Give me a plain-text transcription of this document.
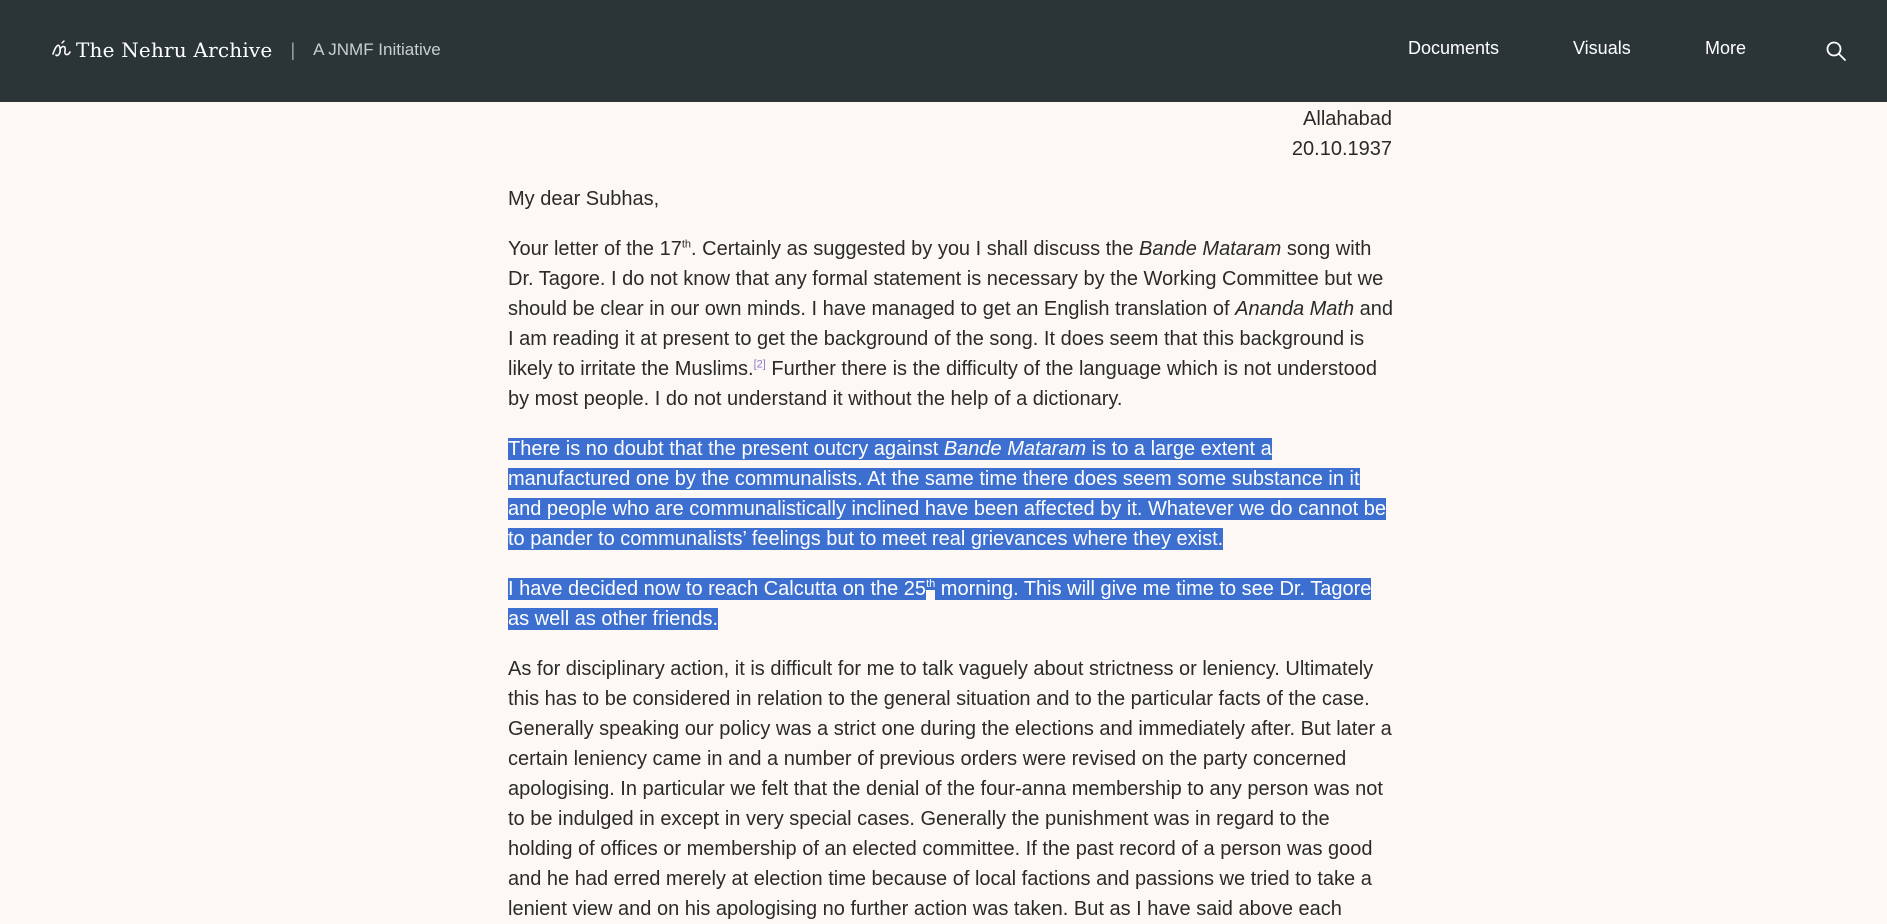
The Nehru Archive | A JNMF Initiative	Documents	Visuals	More
Allahabad
20.10.1937

My dear Subhas,

Your letter of the 17th. Certainly as suggested by you I shall discuss the Bande Mataram song with Dr. Tagore. I do not know that any formal statement is necessary by the Working Committee but we should be clear in our own minds. I have managed to get an English translation of Ananda Math and I am reading it at present to get the background of the song. It does seem that this background is likely to irritate the Muslims.[2] Further there is the difficulty of the language which is not understood by most people. I do not understand it without the help of a dictionary.

There is no doubt that the present outcry against Bande Mataram is to a large extent a manufactured one by the communalists. At the same time there does seem some substance in it and people who are communalistically inclined have been affected by it. Whatever we do cannot be to pander to communalists’ feelings but to meet real grievances where they exist.

I have decided now to reach Calcutta on the 25th morning. This will give me time to see Dr. Tagore as well as other friends.

As for disciplinary action, it is difficult for me to talk vaguely about strictness or leniency. Ultimately this has to be considered in relation to the general situation and to the particular facts of the case. Generally speaking our policy was a strict one during the elections and immediately after. But later a certain leniency came in and a number of previous orders were revised on the party concerned apologising. In particular we felt that the denial of the four-anna membership to any person was not to be indulged in except in very special cases. Generally the punishment was in regard to the holding of offices or membership of an elected committee. If the past record of a person was good and he had erred merely at election time because of local factions and passions we tried to take a lenient view and on his apologising no further action was taken. But as I have said above each
